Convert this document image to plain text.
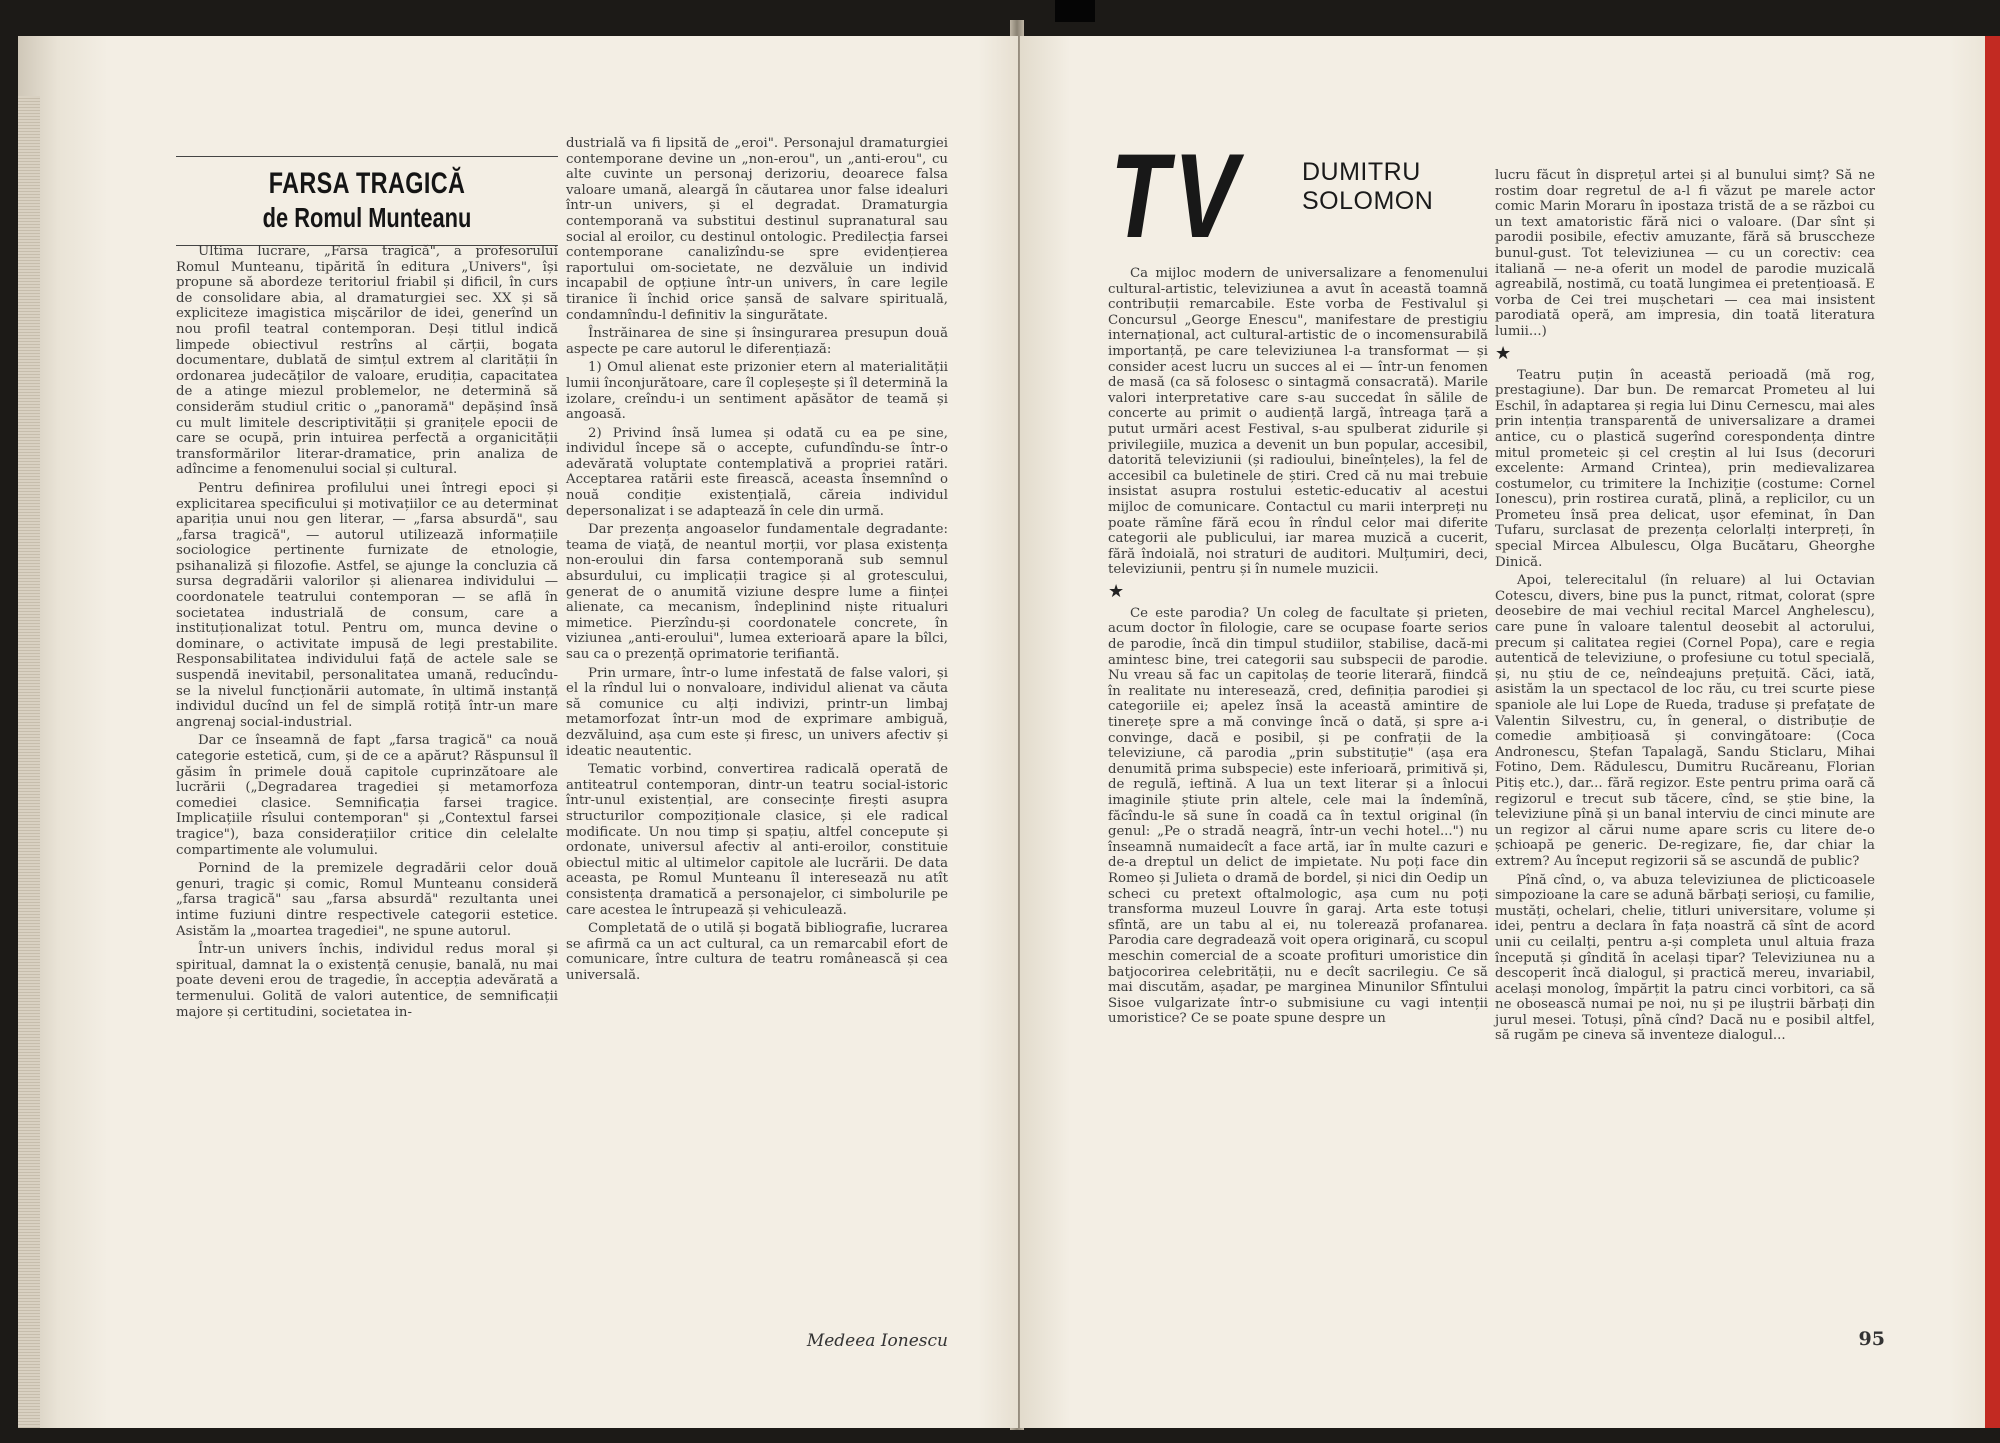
FARSA TRAGICĂ
de Romul Munteanu

Ultima lucrare, „Farsa tragică", a profesorului Romul Munteanu, tipărită în editura „Univers", își propune să abordeze teritoriul friabil și dificil, în curs de consolidare abia, al dramaturgiei sec. XX și să expliciteze imagistica mișcărilor de idei, generînd un nou profil teatral contemporan. Deși titlul indică limpede obiectivul restrîns al cărții, bogata documentare, dublată de simțul extrem al clarității în ordonarea judecăților de valoare, erudiția, capacitatea de a atinge miezul problemelor, ne determină să considerăm studiul critic o „panoramă" depășind însă cu mult limitele descriptivității și granițele epocii de care se ocupă, prin intuirea perfectă a organicității transformărilor literar-dramatice, prin analiza de adîncime a fenomenului social și cultural.

Pentru definirea profilului unei întregi epoci și explicitarea specificului și motivațiilor ce au determinat apariția unui nou gen literar, — „farsa absurdă", sau „farsa tragică", — autorul utilizează informațiile sociologice pertinente furnizate de etnologie, psihanaliză și filozofie. Astfel, se ajunge la concluzia că sursa degradării valorilor și alienarea individului — coordonatele teatrului contemporan — se află în societatea industrială de consum, care a instituționalizat totul. Pentru om, munca devine o dominare, o activitate impusă de legi prestabilite. Responsabilitatea individului față de actele sale se suspendă inevitabil, personalitatea umană, reducîndu-se la nivelul funcționării automate, în ultimă instanță individul ducînd un fel de simplă rotiță într-un mare angrenaj social-industrial.

Dar ce înseamnă de fapt „farsa tragică" ca nouă categorie estetică, cum, și de ce a apărut? Răspunsul îl găsim în primele două capitole cuprinzătoare ale lucrării („Degradarea tragediei și metamorfoza comediei clasice. Semnificația farsei tragice. Implicațiile rîsului contemporan" și „Contextul farsei tragice"), baza considerațiilor critice din celelalte compartimente ale volumului.

Pornind de la premizele degradării celor două genuri, tragic și comic, Romul Munteanu consideră „farsa tragică" sau „farsa absurdă" rezultanta unei intime fuziuni dintre respectivele categorii estetice. Asistăm la „moartea tragediei", ne spune autorul.

Într-un univers închis, individul redus moral și spiritual, damnat la o existență cenușie, banală, nu mai poate deveni erou de tragedie, în accepția adevărată a termenului. Golită de valori autentice, de semnificații majore și certitudini, societatea in-

dustrială va fi lipsită de „eroi". Personajul dramaturgiei contemporane devine un „non-erou", un „anti-erou", cu alte cuvinte un personaj derizoriu, deoarece falsa valoare umană, aleargă în căutarea unor false idealuri într-un univers, și el degradat. Dramaturgia contemporană va substitui destinul supranatural sau social al eroilor, cu destinul ontologic. Predilecția farsei contemporane canalizîndu-se spre evidențierea raportului om-societate, ne dezvăluie un individ incapabil de opțiune într-un univers, în care legile tiranice îi închid orice șansă de salvare spirituală, condamnîndu-l definitiv la singurătate.

Înstrăinarea de sine și însingurarea presupun două aspecte pe care autorul le diferențiază:

1) Omul alienat este prizonier etern al materialității lumii înconjurătoare, care îl copleșește și îl determină la izolare, creîndu-i un sentiment apăsător de teamă și angoasă.

2) Privind însă lumea și odată cu ea pe sine, individul începe să o accepte, cufundîndu-se într-o adevărată voluptate contemplativă a propriei ratări. Acceptarea ratării este firească, aceasta însemnînd o nouă condiție existențială, căreia individul depersonalizat i se adaptează în cele din urmă.

Dar prezența angoaselor fundamentale degradante: teama de viață, de neantul morții, vor plasa existența non-eroului din farsa contemporană sub semnul absurdului, cu implicații tragice și al grotescului, generat de o anumită viziune despre lume a ființei alienate, ca mecanism, îndeplinind niște ritualuri mimetice. Pierzîndu-și coordonatele concrete, în viziunea „anti-eroului", lumea exterioară apare la bîlci, sau ca o prezență oprimatorie terifiantă.

Prin urmare, într-o lume infestată de false valori, și el la rîndul lui o nonvaloare, individul alienat va căuta să comunice cu alți indivizi, printr-un limbaj metamorfozat într-un mod de exprimare ambiguă, dezvăluind, așa cum este și firesc, un univers afectiv și ideatic neautentic.

Tematic vorbind, convertirea radicală operată de antiteatrul contemporan, dintr-un teatru social-istoric într-unul existențial, are consecințe firești asupra structurilor compoziționale clasice, și ele radical modificate. Un nou timp și spațiu, altfel concepute și ordonate, universul afectiv al anti-eroilor, constituie obiectul mitic al ultimelor capitole ale lucrării. De data aceasta, pe Romul Munteanu îl interesează nu atît consistența dramatică a personajelor, ci simbolurile pe care acestea le întrupează și vehiculează.

Completată de o utilă și bogată bibliografie, lucrarea se afirmă ca un act cultural, ca un remarcabil efort de comunicare, între cultura de teatru românească și cea universală.

Medeea Ionescu
TV DUMITRU
SOLOMON

Ca mijloc modern de universalizare a fenomenului cultural-artistic, televiziunea a avut în această toamnă contribuții remarcabile. Este vorba de Festivalul și Concursul „George Enescu", manifestare de prestigiu internațional, act cultural-artistic de o incomensurabilă importanță, pe care televiziunea l-a transformat — și consider acest lucru un succes al ei — într-un fenomen de masă (ca să folosesc o sintagmă consacrată). Marile valori interpretative care s-au succedat în sălile de concerte au primit o audiență largă, întreaga țară a putut urmări acest Festival, s-au spulberat zidurile și privilegiile, muzica a devenit un bun popular, accesibil, datorită televiziunii (și radioului, bineînțeles), la fel de accesibil ca buletinele de știri. Cred că nu mai trebuie insistat asupra rostului estetic-educativ al acestui mijloc de comunicare. Contactul cu marii interpreți nu poate rămîne fără ecou în rîndul celor mai diferite categorii ale publicului, iar marea muzică a cucerit, fără îndoială, noi straturi de auditori. Mulțumiri, deci, televiziunii, pentru și în numele muzicii.

★

Ce este parodia? Un coleg de facultate și prieten, acum doctor în filologie, care se ocupase foarte serios de parodie, încă din timpul studiilor, stabilise, dacă-mi amintesc bine, trei categorii sau subspecii de parodie. Nu vreau să fac un capitolaș de teorie literară, fiindcă în realitate nu interesează, cred, definiția parodiei și categoriile ei; apelez însă la această amintire de tinerețe spre a mă convinge încă o dată, și spre a-i convinge, dacă e posibil, și pe confrații de la televiziune, că parodia „prin substituție" (așa era denumită prima subspecie) este inferioară, primitivă și, de regulă, ieftină. A lua un text literar și a înlocui imaginile știute prin altele, cele mai la îndemînă, făcîndu-le să sune în coadă ca în textul original (în genul: „Pe o stradă neagră, într-un vechi hotel...") nu înseamnă numaidecît a face artă, iar în multe cazuri e de-a dreptul un delict de impietate. Nu poți face din Romeo și Julieta o dramă de bordel, și nici din Oedip un scheci cu pretext oftalmologic, așa cum nu poți transforma muzeul Louvre în garaj. Arta este totuși sfîntă, are un tabu al ei, nu tolerează profanarea. Parodia care degradează voit opera originară, cu scopul meschin comercial de a scoate profituri umoristice din batjocorirea celebrității, nu e decît sacrilegiu. Ce să mai discutăm, așadar, pe marginea Minunilor Sfîntului Sisoe vulgarizate într-o submisiune cu vagi intenții umoristice? Ce se poate spune despre un

lucru făcut în disprețul artei și al bunului simț? Să ne rostim doar regretul de a-l fi văzut pe marele actor comic Marin Moraru în ipostaza tristă de a se război cu un text amatoristic fără nici o valoare. (Dar sînt și parodii posibile, efectiv amuzante, fără să brusccheze bunul-gust. Tot televiziunea — cu un corectiv: cea italiană — ne-a oferit un model de parodie muzicală agreabilă, nostimă, cu toată lungimea ei pretențioasă. E vorba de Cei trei mușchetari — cea mai insistent parodiată operă, am impresia, din toată literatura lumii...)

★

Teatru puțin în această perioadă (mă rog, prestagiune). Dar bun. De remarcat Prometeu al lui Eschil, în adaptarea și regia lui Dinu Cernescu, mai ales prin intenția transparentă de universalizare a dramei antice, cu o plastică sugerînd corespondența dintre mitul prometeic și cel creștin al lui Isus (decoruri excelente: Armand Crintea), prin medievalizarea costumelor, cu trimitere la Inchiziție (costume: Cornel Ionescu), prin rostirea curată, plină, a replicilor, cu un Prometeu însă prea delicat, ușor efeminat, în Dan Tufaru, surclasat de prezența celorlalți interpreți, în special Mircea Albulescu, Olga Bucătaru, Gheorghe Dinică.

Apoi, telerecitalul (în reluare) al lui Octavian Cotescu, divers, bine pus la punct, ritmat, colorat (spre deosebire de mai vechiul recital Marcel Anghelescu), care pune în valoare talentul deosebit al actorului, precum și calitatea regiei (Cornel Popa), care e regia autentică de televiziune, o profesiune cu totul specială, și, nu știu de ce, neîndeajuns prețuită. Căci, iată, asistăm la un spectacol de loc rău, cu trei scurte piese spaniole ale lui Lope de Rueda, traduse și prefațate de Valentin Silvestru, cu, în general, o distribuție de comedie ambițioasă și convingătoare: (Coca Andronescu, Ștefan Tapalagă, Sandu Sticlaru, Mihai Fotino, Dem. Rădulescu, Dumitru Rucăreanu, Florian Pitiș etc.), dar... fără regizor. Este pentru prima oară că regizorul e trecut sub tăcere, cînd, se știe bine, la televiziune pînă și un banal interviu de cinci minute are un regizor al cărui nume apare scris cu litere de-o șchioapă pe generic. De-regizare, fie, dar chiar la extrem? Au început regizorii să se ascundă de public?

Pînă cînd, o, va abuza televiziunea de plicticoasele simpozioane la care se adună bărbați serioși, cu familie, mustăți, ochelari, chelie, titluri universitare, volume și idei, pentru a declara în fața noastră că sînt de acord unii cu ceilalți, pentru a-și completa unul altuia fraza începută și gîndită în același tipar? Televiziunea nu a descoperit încă dialogul, și practică mereu, invariabil, același monolog, împărțit la patru cinci vorbitori, ca să ne obosească numai pe noi, nu și pe iluștrii bărbați din jurul mesei. Totuși, pînă cînd? Dacă nu e posibil altfel, să rugăm pe cineva să inventeze dialogul...

95
